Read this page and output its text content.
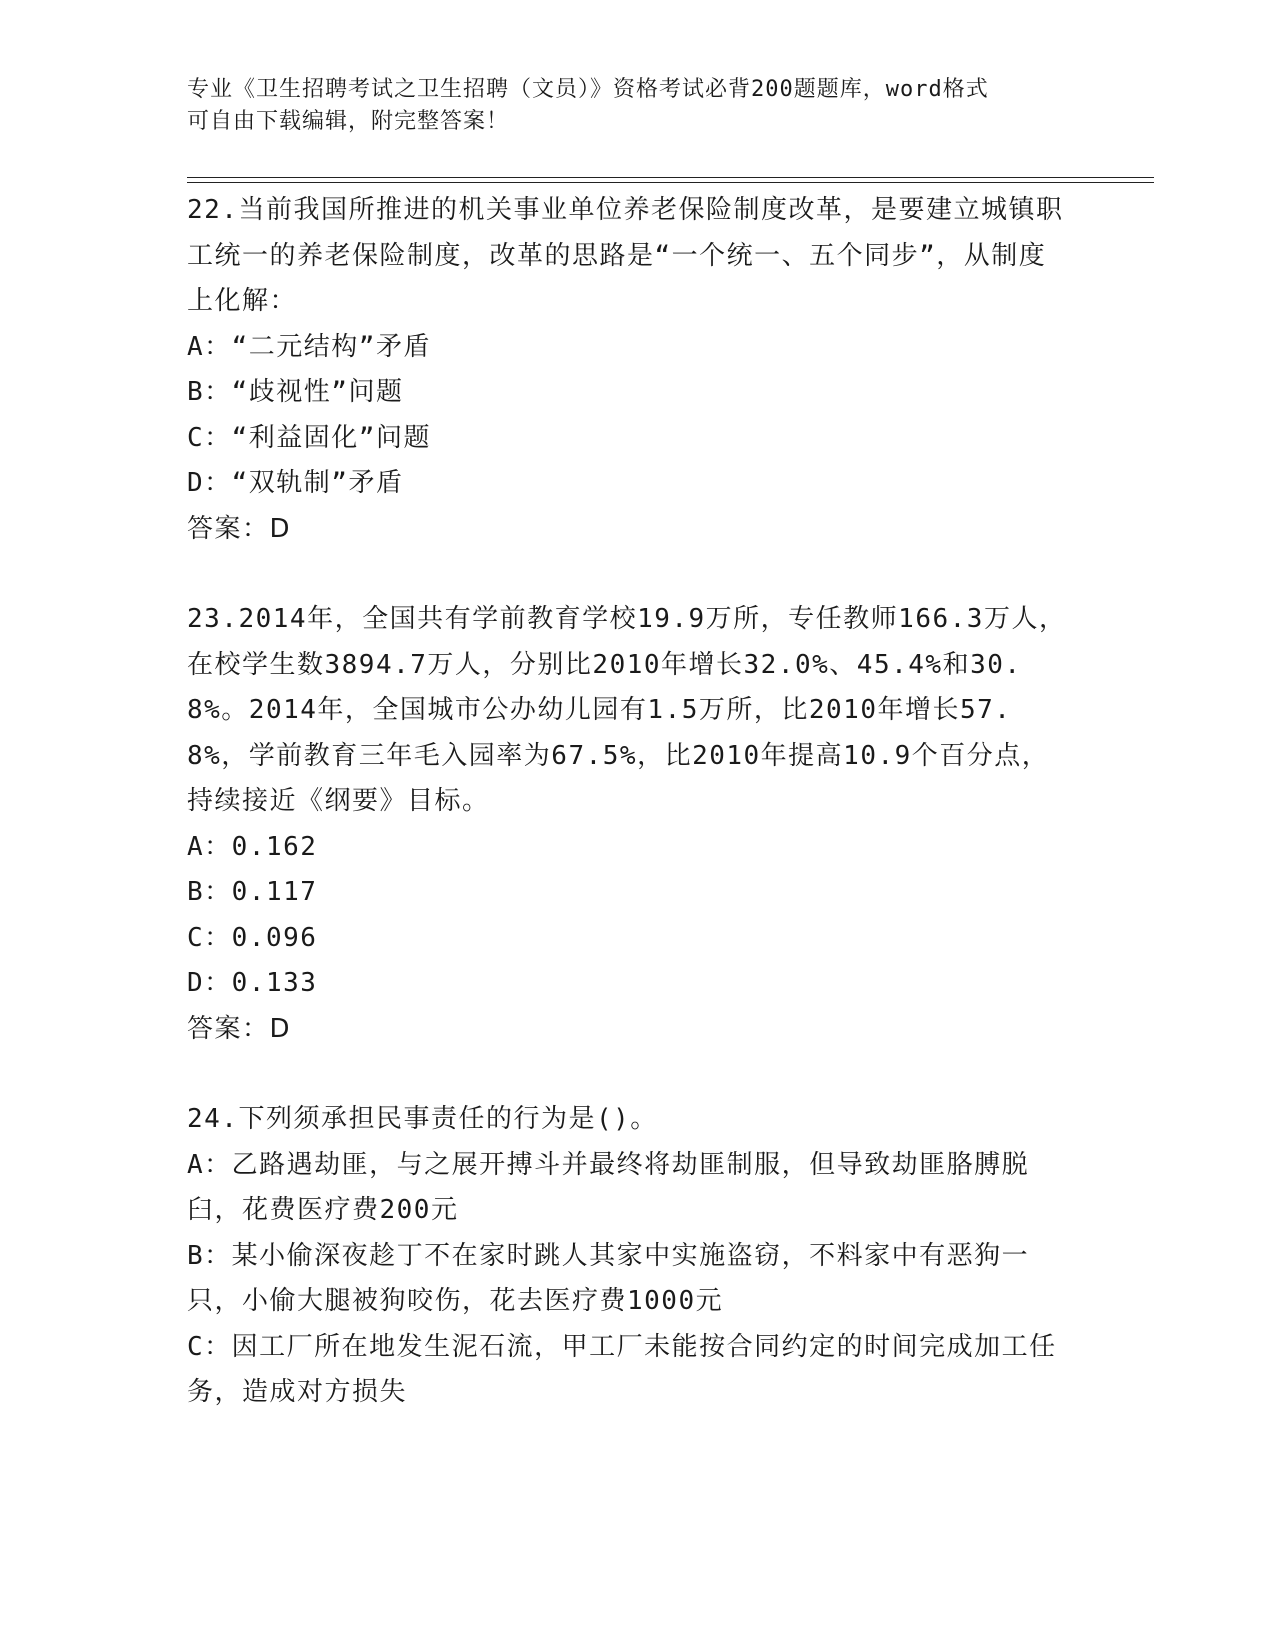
专业《卫生招聘考试之卫生招聘（文员）》资格考试必背200题题库，word格式
可自由下载编辑，附完整答案！

22.当前我国所推进的机关事业单位养老保险制度改革，是要建立城镇职工统一的养老保险制度，改革的思路是“一个统一、五个同步”，从制度上化解：

A：“二元结构”矛盾

B：“歧视性”问题

C：“利益固化”问题

D：“双轨制”矛盾

答案：D

23.2014年，全国共有学前教育学校19.9万所，专任教师166.3万人，在校学生数3894.7万人，分别比2010年增长32.0%、45.4%和30.8%。2014年，全国城市公办幼儿园有1.5万所，比2010年增长57.8%，学前教育三年毛入园率为67.5%，比2010年提高10.9个百分点，持续接近《纲要》目标。

A：0.162

B：0.117

C：0.096

D：0.133

答案：D

24.下列须承担民事责任的行为是()。

A：乙路遇劫匪，与之展开搏斗并最终将劫匪制服，但导致劫匪胳膊脱臼，花费医疗费200元

B：某小偷深夜趁丁不在家时跳人其家中实施盗窃，不料家中有恶狗一只，小偷大腿被狗咬伤，花去医疗费1000元

C：因工厂所在地发生泥石流，甲工厂未能按合同约定的时间完成加工任务，造成对方损失
